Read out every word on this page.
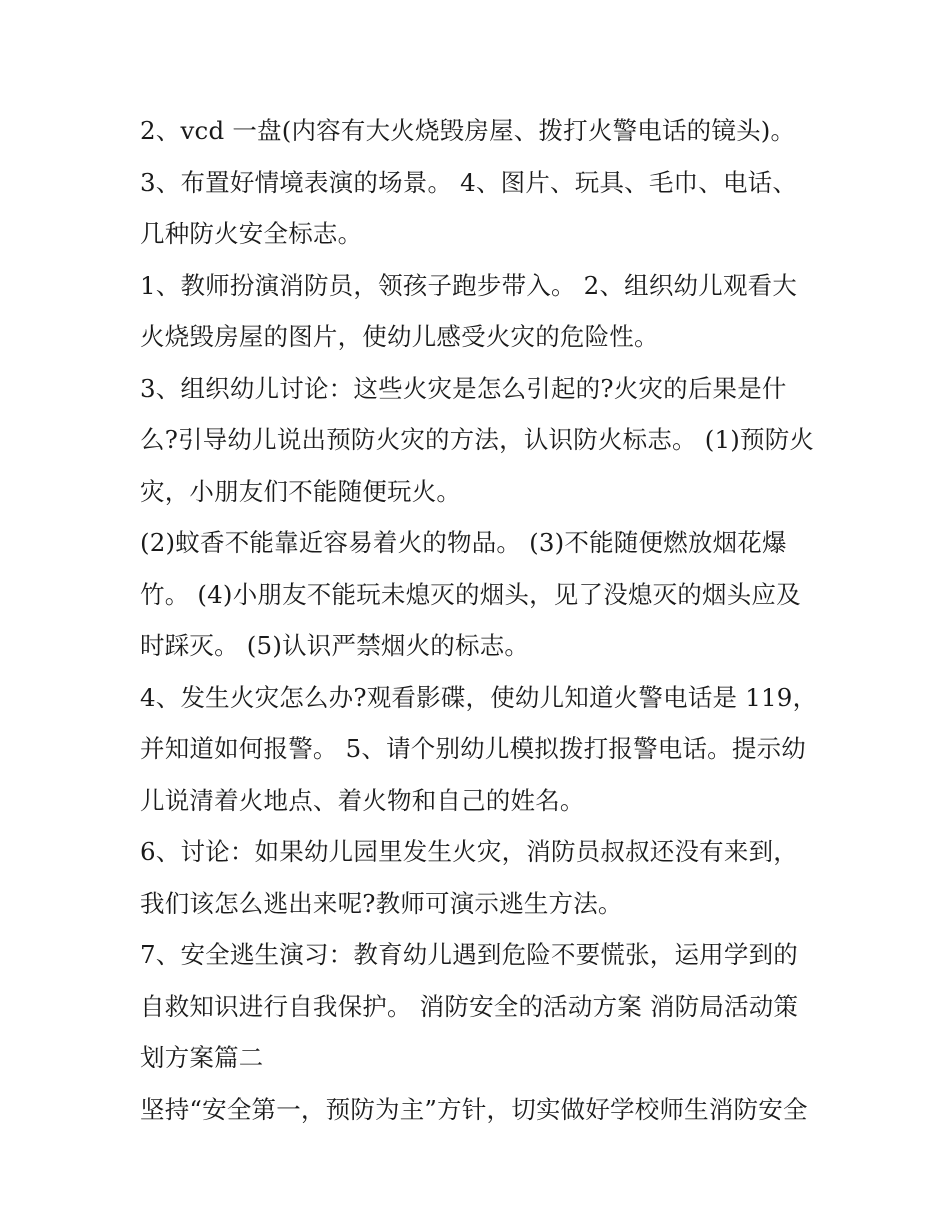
2、vcd 一盘(内容有大火烧毁房屋、拨打火警电话的镜头)。
3、布置好情境表演的场景。 4、图片、玩具、毛巾、电话、
几种防火安全标志。
1、教师扮演消防员，领孩子跑步带入。 2、组织幼儿观看大
火烧毁房屋的图片，使幼儿感受火灾的危险性。
3、组织幼儿讨论：这些火灾是怎么引起的?火灾的后果是什
么?引导幼儿说出预防火灾的方法，认识防火标志。 (1)预防火
灾，小朋友们不能随便玩火。
(2)蚊香不能靠近容易着火的物品。 (3)不能随便燃放烟花爆
竹。 (4)小朋友不能玩未熄灭的烟头，见了没熄灭的烟头应及
时踩灭。 (5)认识严禁烟火的标志。
4、发生火灾怎么办?观看影碟，使幼儿知道火警电话是 119，
并知道如何报警。 5、请个别幼儿模拟拨打报警电话。提示幼
儿说清着火地点、着火物和自己的姓名。
6、讨论：如果幼儿园里发生火灾，消防员叔叔还没有来到，
我们该怎么逃出来呢?教师可演示逃生方法。
7、安全逃生演习：教育幼儿遇到危险不要慌张，运用学到的
自救知识进行自我保护。 消防安全的活动方案 消防局活动策
划方案篇二
坚持“安全第一，预防为主”方针，切实做好学校师生消防安全
